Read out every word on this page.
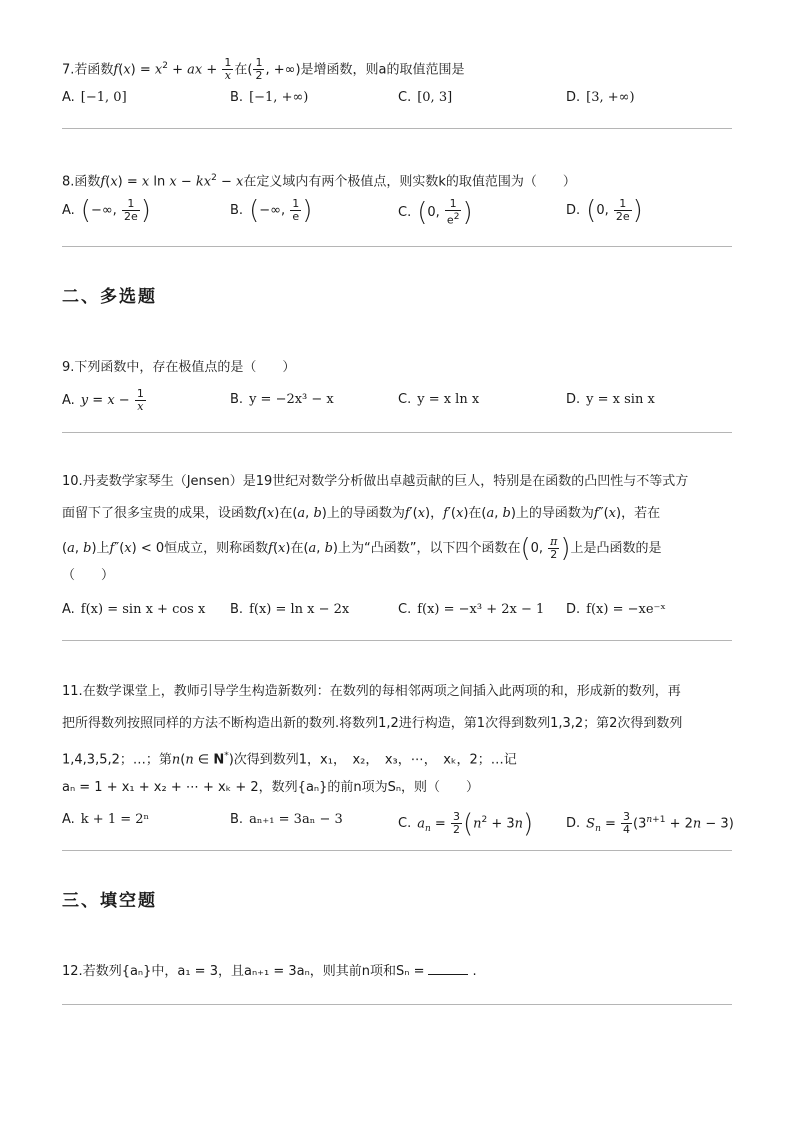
7.若函数$f(x) = x^2$ + ax + $\frac{1}{x}$ 在( $\frac{1}{2}$ , +∞)是增函数，则a的取值范围是
A. [−1, 0]	B. [−1, +∞)	C. [0, 3]	D. [3, +∞)
8.函数f(x) = x $\ln x - kx^2 - x$在定义域内有两个极值点，则实数k的取值范围为（　　）
A. (−∞, $\frac{1}{2e}$ )	B. (−∞, $\frac{1}{e}$ )	C. (0, $\frac{1}{e^2}$ )	D. (0, $\frac{1}{2e}$ )
二、多选题
9.下列函数中，存在极值点的是（　　）
A. $y = x - \frac{1}{x}$	B. y = −2x³ − x	C. y = x ln x	D. y = x sin x
10.丹麦数学家琴生（Jensen）是19世纪对数学分析做出卓越贡献的巨人，特别是在函数的凸凹性与不等式方
面留下了很多宝贵的成果，设函数f(x)在(a, b)上的导函数为f′(x)，f′(x)在(a, b)上的导函数为f″(x)，若在
(a, b)上f″(x) < 0恒成立，则称函数f(x)在(a, b)上为“凸函数”，以下四个函数在(0, $\frac{\pi}{2}$ )上是凸函数的是
（　　）
A. f(x) = sin x + cos x B. f(x) = ln x − 2x	C. f(x) = −x³ + 2x − 1 D. f(x) = −xe⁻ˣ
11.在数学课堂上，教师引导学生构造新数列：在数列的每相邻两项之间插入此两项的和，形成新的数列，再
把所得数列按照同样的方法不断构造出新的数列.将数列1,2进行构造，第1次得到数列1,3,2；第2次得到数列
1,4,3,5,2；…；第n(n ∈ N*)次得到数列1，x₁，　x₂，　x₃，⋯，　xₖ，2；…记
aₙ = 1 + x₁ + x₂ + ⋯ + xₖ + 2，数列{aₙ}的前n项为Sₙ，则（　　）
A. k + 1 = 2ⁿ	B. aₙ₊₁ = 3aₙ − 3	C. $a_n = \frac{3}{2} (n^2 + 3n)$	D. $S_n = \frac{3}{4} (3^{n+1} + 2n - 3)$
三、填空题
12.若数列{aₙ}中，a₁ = 3，且aₙ₊₁ = 3aₙ，则其前n项和Sₙ =	.
